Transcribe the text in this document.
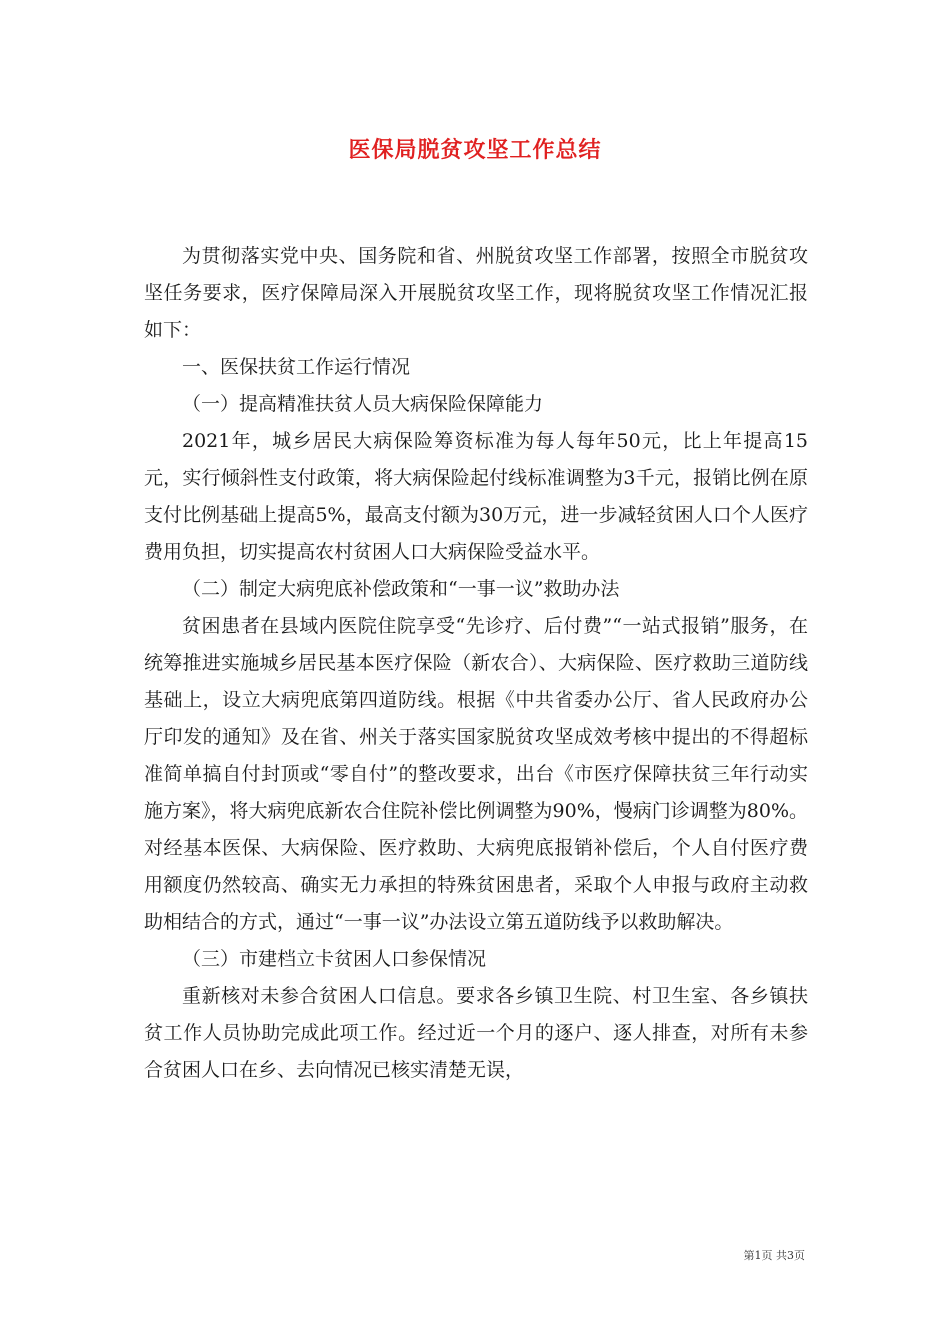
医保局脱贫攻坚工作总结

为贯彻落实党中央、国务院和省、州脱贫攻坚工作部署，按照全市脱贫攻坚任务要求，医疗保障局深入开展脱贫攻坚工作，现将脱贫攻坚工作情况汇报如下：

一、医保扶贫工作运行情况

（一）提高精准扶贫人员大病保险保障能力

2021年，城乡居民大病保险筹资标准为每人每年50元，比上年提高15元，实行倾斜性支付政策，将大病保险起付线标准调整为3千元，报销比例在原支付比例基础上提高5%，最高支付额为30万元，进一步减轻贫困人口个人医疗费用负担，切实提高农村贫困人口大病保险受益水平。

（二）制定大病兜底补偿政策和“一事一议”救助办法

贫困患者在县域内医院住院享受“先诊疗、后付费”“一站式报销”服务，在统筹推进实施城乡居民基本医疗保险（新农合）、大病保险、医疗救助三道防线基础上，设立大病兜底第四道防线。根据《中共省委办公厅、省人民政府办公厅印发的通知》及在省、州关于落实国家脱贫攻坚成效考核中提出的不得超标准简单搞自付封顶或“零自付”的整改要求，出台《市医疗保障扶贫三年行动实施方案》，将大病兜底新农合住院补偿比例调整为90%，慢病门诊调整为80%。对经基本医保、大病保险、医疗救助、大病兜底报销补偿后，个人自付医疗费用额度仍然较高、确实无力承担的特殊贫困患者，采取个人申报与政府主动救助相结合的方式，通过“一事一议”办法设立第五道防线予以救助解决。

（三）市建档立卡贫困人口参保情况

重新核对未参合贫困人口信息。要求各乡镇卫生院、村卫生室、各乡镇扶贫工作人员协助完成此项工作。经过近一个月的逐户、逐人排查，对所有未参合贫困人口在乡、去向情况已核实清楚无误，

第1页 共3页
